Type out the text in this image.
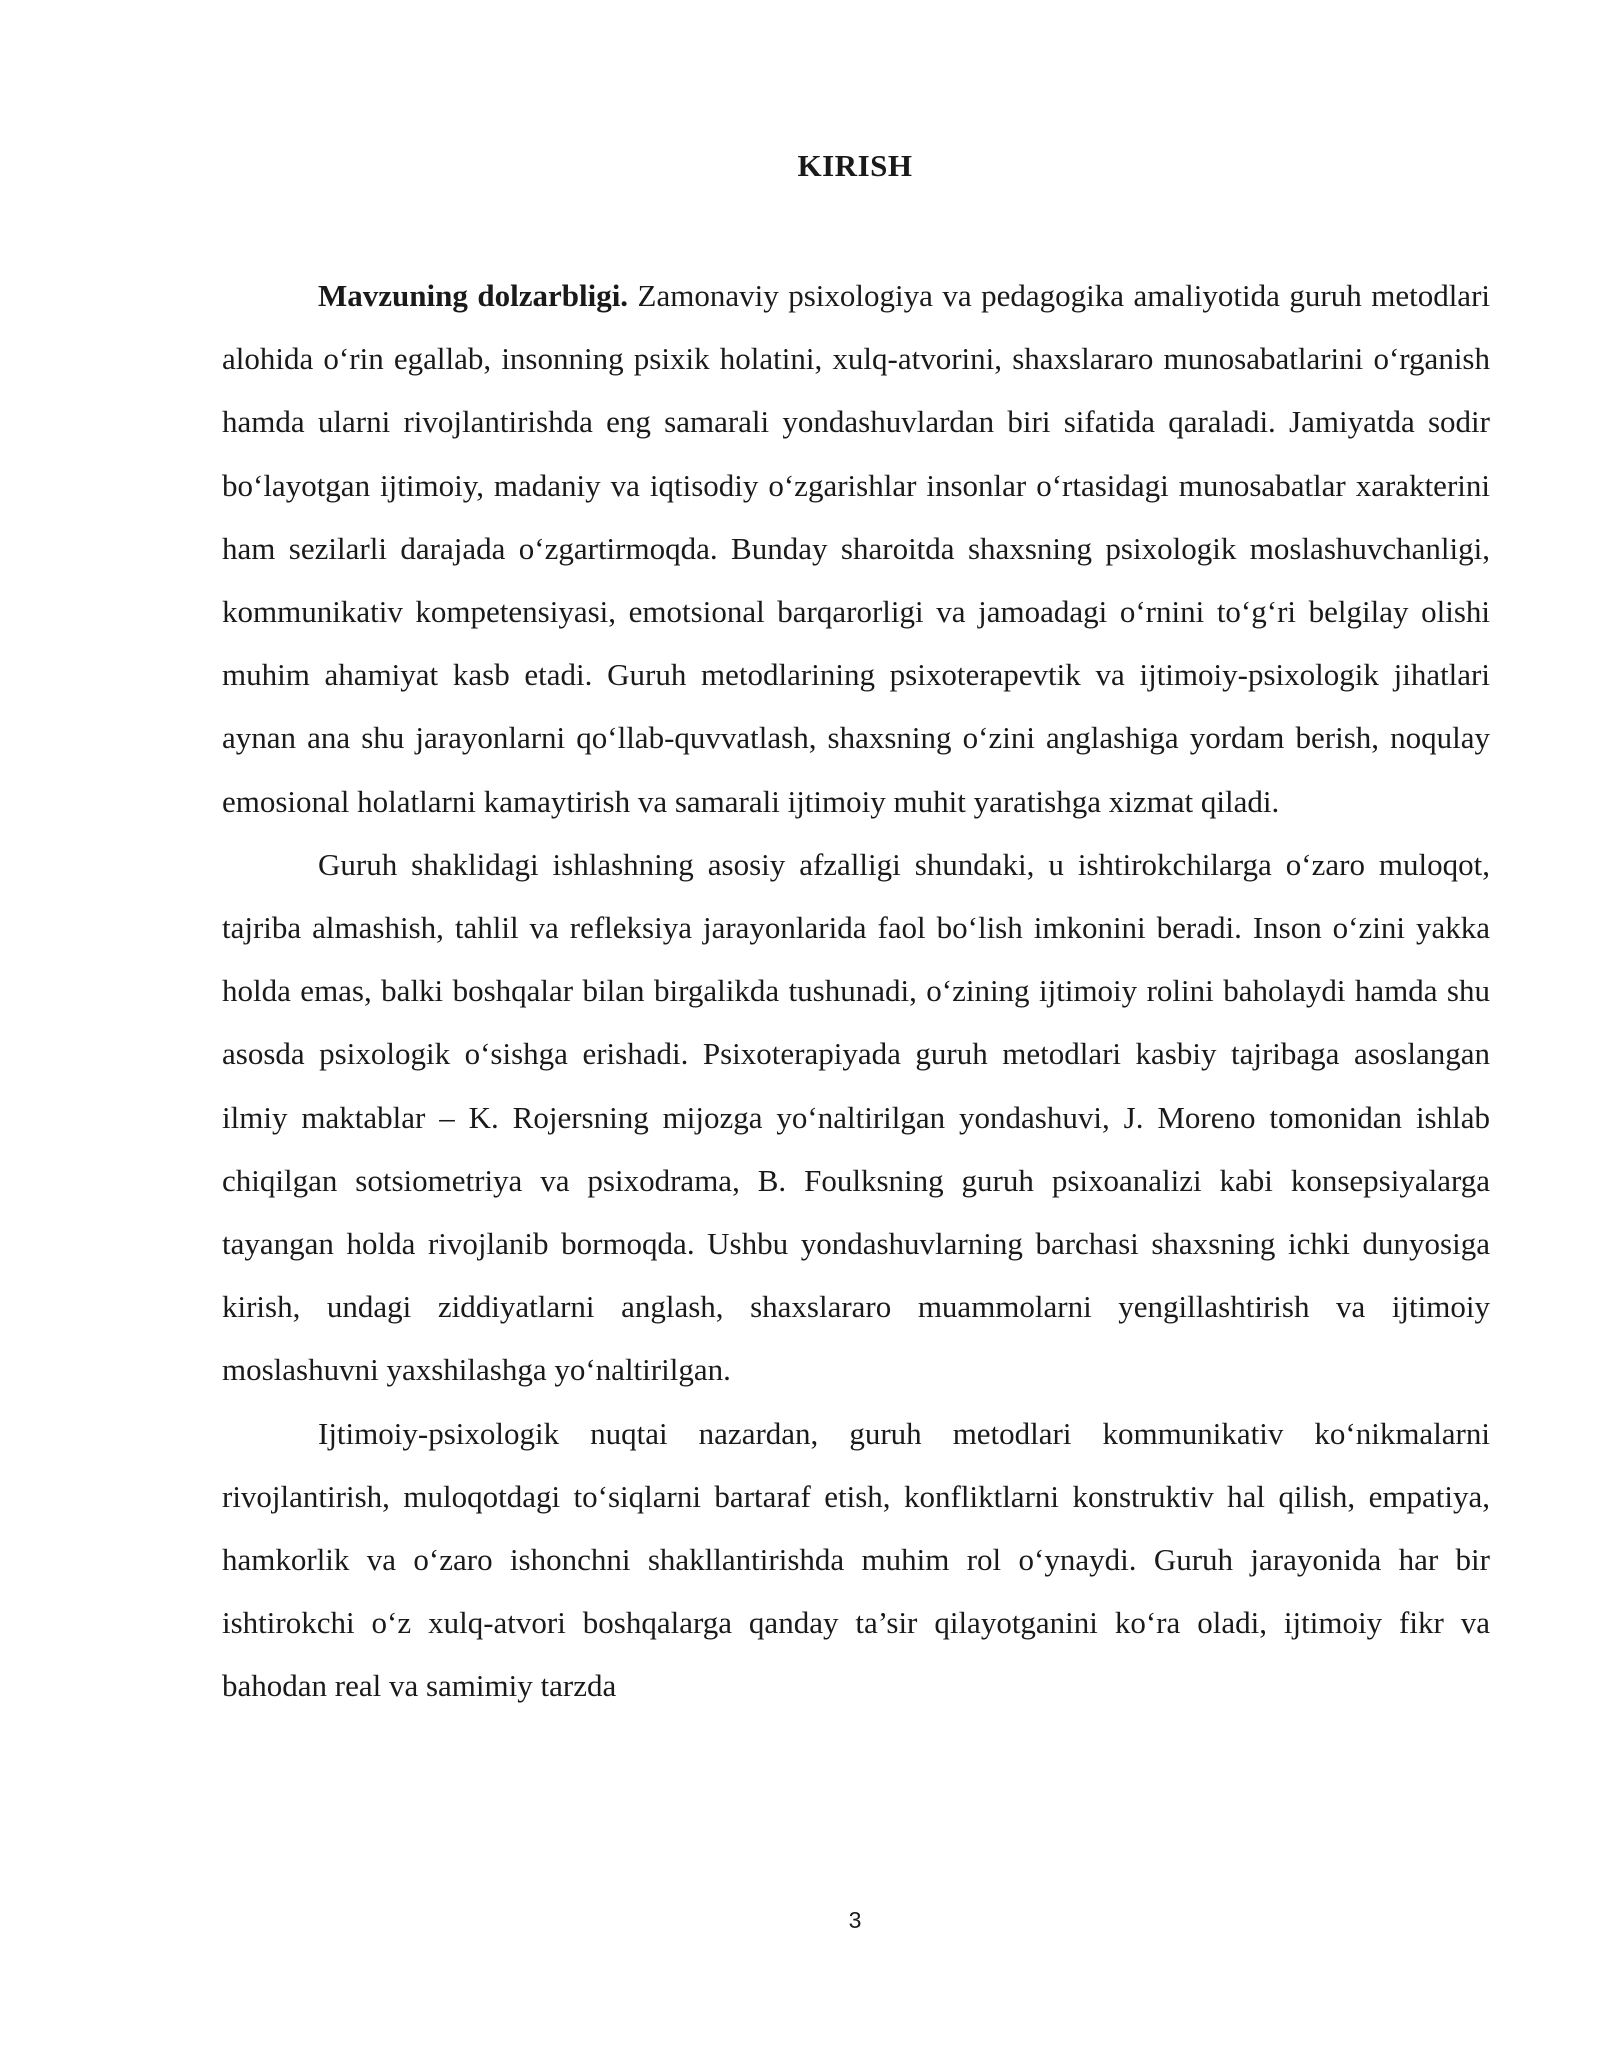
KIRISH

Mavzuning dolzarbligi. Zamonaviy psixologiya va pedagogika amaliyotida guruh metodlari alohida o‘rin egallab, insonning psixik holatini, xulq-atvorini, shaxslararo munosabatlarini o‘rganish hamda ularni rivojlantirishda eng samarali yondashuvlardan biri sifatida qaraladi. Jamiyatda sodir bo‘layotgan ijtimoiy, madaniy va iqtisodiy o‘zgarishlar insonlar o‘rtasidagi munosabatlar xarakterini ham sezilarli darajada o‘zgartirmoqda. Bunday sharoitda shaxsning psixologik moslashuvchanligi, kommunikativ kompetensiyasi, emotsional barqarorligi va jamoadagi o‘rnini to‘g‘ri belgilay olishi muhim ahamiyat kasb etadi. Guruh metodlarining psixoterapevtik va ijtimoiy-psixologik jihatlari aynan ana shu jarayonlarni qo‘llab-quvvatlash, shaxsning o‘zini anglashiga yordam berish, noqulay emosional holatlarni kamaytirish va samarali ijtimoiy muhit yaratishga xizmat qiladi.

Guruh shaklidagi ishlashning asosiy afzalligi shundaki, u ishtirokchilarga o‘zaro muloqot, tajriba almashish, tahlil va refleksiya jarayonlarida faol bo‘lish imkonini beradi. Inson o‘zini yakka holda emas, balki boshqalar bilan birgalikda tushunadi, o‘zining ijtimoiy rolini baholaydi hamda shu asosda psixologik o‘sishga erishadi. Psixoterapiyada guruh metodlari kasbiy tajribaga asoslangan ilmiy maktablar – K. Rojersning mijozga yo‘naltirilgan yondashuvi, J. Moreno tomonidan ishlab chiqilgan sotsiometriya va psixodrama, B. Foulksning guruh psixoanalizi kabi konsepsiyalarga tayangan holda rivojlanib bormoqda. Ushbu yondashuvlarning barchasi shaxsning ichki dunyosiga kirish, undagi ziddiyatlarni anglash, shaxslararo muammolarni yengillashtirish va ijtimoiy moslashuvni yaxshilashga yo‘naltirilgan.

Ijtimoiy-psixologik nuqtai nazardan, guruh metodlari kommunikativ ko‘nikmalarni rivojlantirish, muloqotdagi to‘siqlarni bartaraf etish, konfliktlarni konstruktiv hal qilish, empatiya, hamkorlik va o‘zaro ishonchni shakllantirishda muhim rol o‘ynaydi. Guruh jarayonida har bir ishtirokchi o‘z xulq-atvori boshqalarga qanday ta’sir qilayotganini ko‘ra oladi, ijtimoiy fikr va bahodan real va samimiy tarzda

3
